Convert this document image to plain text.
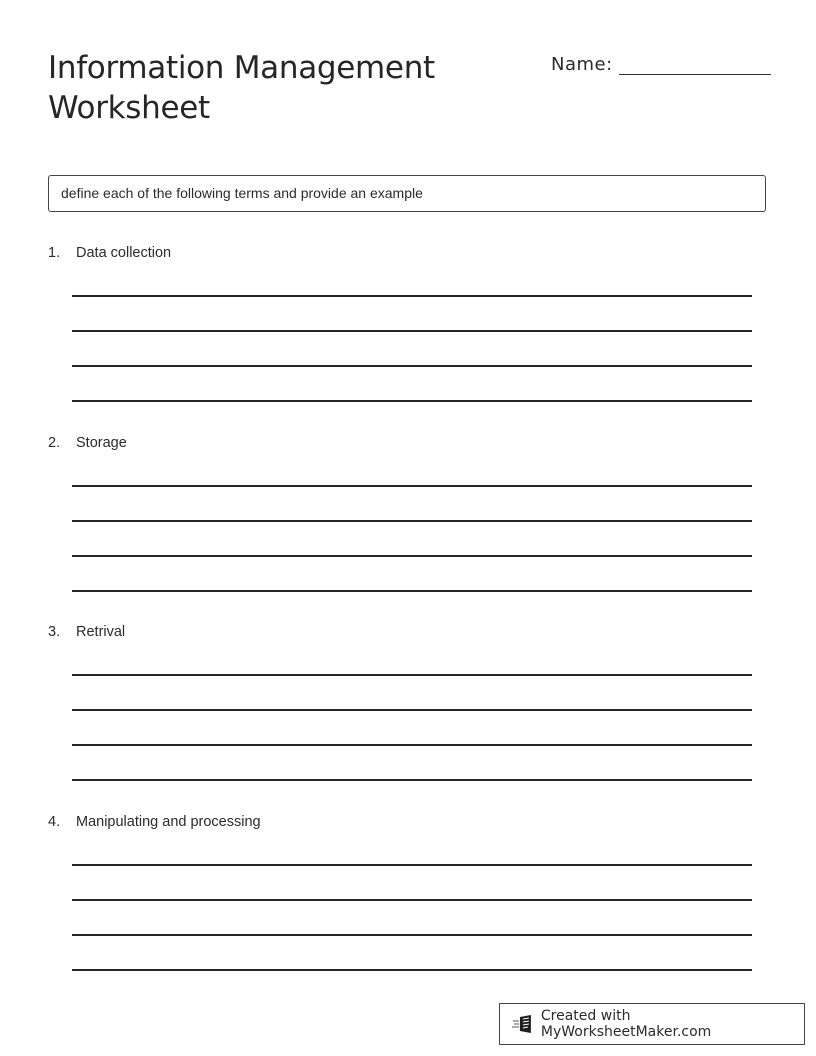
Information Management
Worksheet
Name:
define each of the following terms and provide an example
1.	Data collection
2.	Storage
3.	Retrival
4.	Manipulating and processing
Created with MyWorksheetMaker.com
